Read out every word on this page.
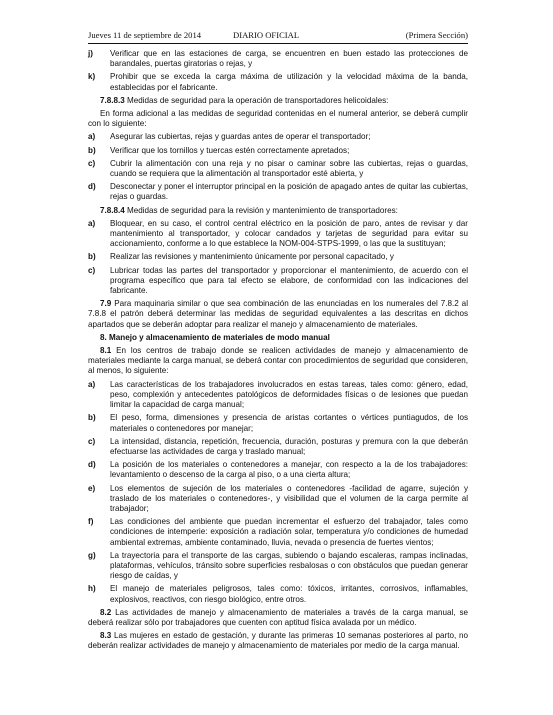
Jueves 11 de septiembre de 2014	DIARIO OFICIAL	(Primera Sección)
j)	Verificar que en las estaciones de carga, se encuentren en buen estado las protecciones de barandales, puertas giratorias o rejas, y
k)	Prohibir que se exceda la carga máxima de utilización y la velocidad máxima de la banda, establecidas por el fabricante.
7.8.8.3 Medidas de seguridad para la operación de transportadores helicoidales:
En forma adicional a las medidas de seguridad contenidas en el numeral anterior, se deberá cumplir con lo siguiente:
a)	Asegurar las cubiertas, rejas y guardas antes de operar el transportador;
b)	Verificar que los tornillos y tuercas estén correctamente apretados;
c)	Cubrir la alimentación con una reja y no pisar o caminar sobre las cubiertas, rejas o guardas, cuando se requiera que la alimentación al transportador esté abierta, y
d)	Desconectar y poner el interruptor principal en la posición de apagado antes de quitar las cubiertas, rejas o guardas.
7.8.8.4 Medidas de seguridad para la revisión y mantenimiento de transportadores:
a)	Bloquear, en su caso, el control central eléctrico en la posición de paro, antes de revisar y dar mantenimiento al transportador, y colocar candados y tarjetas de seguridad para evitar su accionamiento, conforme a lo que establece la NOM-004-STPS-1999, o las que la sustituyan;
b)	Realizar las revisiones y mantenimiento únicamente por personal capacitado, y
c)	Lubricar todas las partes del transportador y proporcionar el mantenimiento, de acuerdo con el programa específico que para tal efecto se elabore, de conformidad con las indicaciones del fabricante.
7.9 Para maquinaria similar o que sea combinación de las enunciadas en los numerales del 7.8.2 al 7.8.8 el patrón deberá determinar las medidas de seguridad equivalentes a las descritas en dichos apartados que se deberán adoptar para realizar el manejo y almacenamiento de materiales.
8. Manejo y almacenamiento de materiales de modo manual
8.1 En los centros de trabajo donde se realicen actividades de manejo y almacenamiento de materiales mediante la carga manual, se deberá contar con procedimientos de seguridad que consideren, al menos, lo siguiente:
a)	Las características de los trabajadores involucrados en estas tareas, tales como: género, edad, peso, complexión y antecedentes patológicos de deformidades físicas o de lesiones que puedan limitar la capacidad de carga manual;
b)	El peso, forma, dimensiones y presencia de aristas cortantes o vértices puntiagudos, de los materiales o contenedores por manejar;
c)	La intensidad, distancia, repetición, frecuencia, duración, posturas y premura con la que deberán efectuarse las actividades de carga y traslado manual;
d)	La posición de los materiales o contenedores a manejar, con respecto a la de los trabajadores: levantamiento o descenso de la carga al piso, o a una cierta altura;
e)	Los elementos de sujeción de los materiales o contenedores -facilidad de agarre, sujeción y traslado de los materiales o contenedores-, y visibilidad que el volumen de la carga permite al trabajador;
f)	Las condiciones del ambiente que puedan incrementar el esfuerzo del trabajador, tales como condiciones de intemperie: exposición a radiación solar, temperatura y/o condiciones de humedad ambiental extremas, ambiente contaminado, lluvia, nevada o presencia de fuertes vientos;
g)	La trayectoria para el transporte de las cargas, subiendo o bajando escaleras, rampas inclinadas, plataformas, vehículos, tránsito sobre superficies resbalosas o con obstáculos que puedan generar riesgo de caídas, y
h)	El manejo de materiales peligrosos, tales como: tóxicos, irritantes, corrosivos, inflamables, explosivos, reactivos, con riesgo biológico, entre otros.
8.2 Las actividades de manejo y almacenamiento de materiales a través de la carga manual, se deberá realizar sólo por trabajadores que cuenten con aptitud física avalada por un médico.
8.3 Las mujeres en estado de gestación, y durante las primeras 10 semanas posteriores al parto, no deberán realizar actividades de manejo y almacenamiento de materiales por medio de la carga manual.
